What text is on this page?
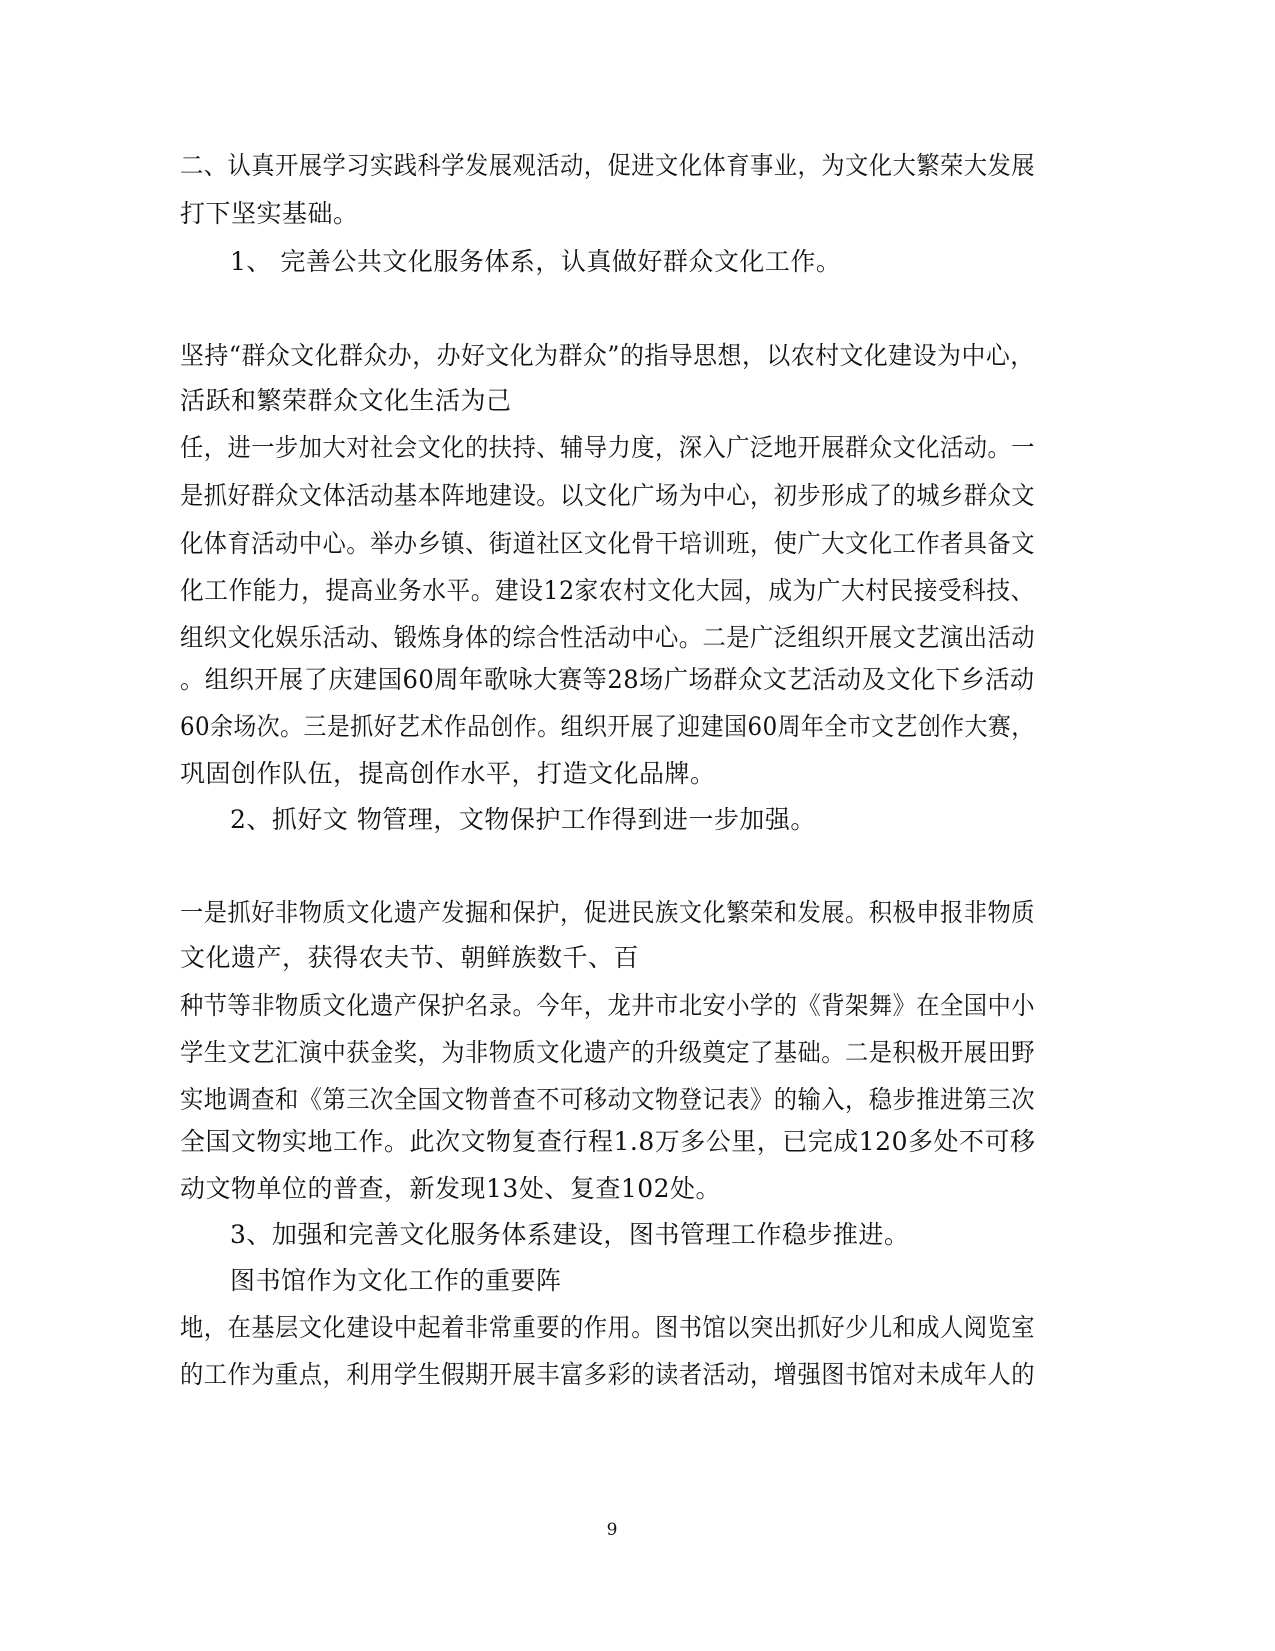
二、认真开展学习实践科学发展观活动，促进文化体育事业，为文化大繁荣大发展
打下坚实基础。
1、 完善公共文化服务体系，认真做好群众文化工作。
坚持“群众文化群众办，办好文化为群众”的指导思想，以农村文化建设为中心，
活跃和繁荣群众文化生活为己
任，进一步加大对社会文化的扶持、辅导力度，深入广泛地开展群众文化活动。一
是抓好群众文体活动基本阵地建设。以文化广场为中心，初步形成了的城乡群众文
化体育活动中心。举办乡镇、街道社区文化骨干培训班，使广大文化工作者具备文
化工作能力，提高业务水平。建设12家农村文化大园，成为广大村民接受科技、
组织文化娱乐活动、锻炼身体的综合性活动中心。二是广泛组织开展文艺演出活动
。组织开展了庆建国60周年歌咏大赛等28场广场群众文艺活动及文化下乡活动
60余场次。三是抓好艺术作品创作。组织开展了迎建国60周年全市文艺创作大赛，
巩固创作队伍，提高创作水平，打造文化品牌。
2、抓好文 物管理，文物保护工作得到进一步加强。
一是抓好非物质文化遗产发掘和保护，促进民族文化繁荣和发展。积极申报非物质
文化遗产，获得农夫节、朝鲜族数千、百
种节等非物质文化遗产保护名录。今年，龙井市北安小学的《背架舞》在全国中小
学生文艺汇演中获金奖，为非物质文化遗产的升级奠定了基础。二是积极开展田野
实地调查和《第三次全国文物普查不可移动文物登记表》的输入，稳步推进第三次
全国文物实地工作。此次文物复查行程1.8万多公里，已完成120多处不可移
动文物单位的普查，新发现13处、复查102处。
3、加强和完善文化服务体系建设，图书管理工作稳步推进。
图书馆作为文化工作的重要阵
地，在基层文化建设中起着非常重要的作用。图书馆以突出抓好少儿和成人阅览室
的工作为重点，利用学生假期开展丰富多彩的读者活动，增强图书馆对未成年人的
9
